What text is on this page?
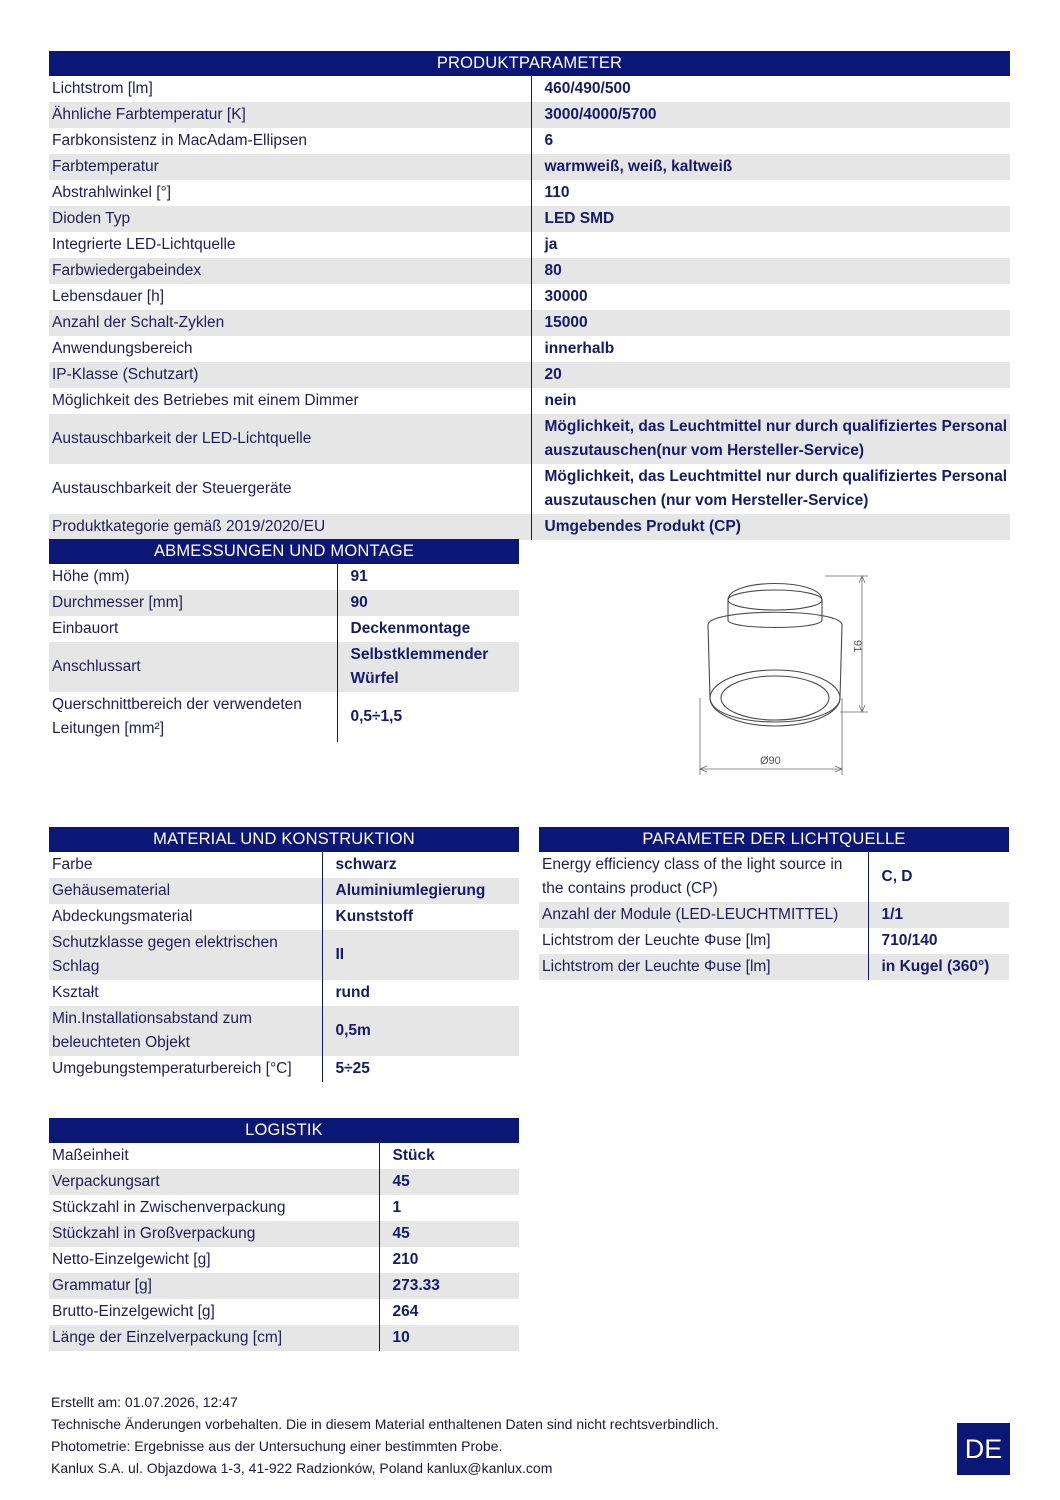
PRODUKTPARAMETER	
Lichtstrom [lm]	460/490/500
Ähnliche Farbtemperatur [K]	3000/4000/5700
Farbkonsistenz in MacAdam-Ellipsen	6
Farbtemperatur	warmweiß, weiß, kaltweiß
Abstrahlwinkel [°]	110
Dioden Typ	LED SMD
Integrierte LED-Lichtquelle	ja
Farbwiedergabeindex	80
Lebensdauer [h]	30000
Anzahl der Schalt-Zyklen	15000
Anwendungsbereich	innerhalb
IP-Klasse (Schutzart)	20
Möglichkeit des Betriebes mit einem Dimmer	nein
Austauschbarkeit der LED-Lichtquelle	Möglichkeit, das Leuchtmittel nur durch qualifiziertes Personal auszutauschen(nur vom Hersteller-Service)
Austauschbarkeit der Steuergeräte	Möglichkeit, das Leuchtmittel nur durch qualifiziertes Personal auszutauschen (nur vom Hersteller-Service)
Produktkategorie gemäß 2019/2020/EU	Umgebendes Produkt (CP)
ABMESSUNGEN UND MONTAGE	
Höhe (mm)	91
Durchmesser [mm]	90
Einbauort	Deckenmontage
Anschlussart	Selbstklemmender Würfel
Querschnittbereich der verwendeten Leitungen [mm²]	0,5÷1,5
91
Ø90
MATERIAL UND KONSTRUKTION	
Farbe	schwarz
Gehäusematerial	Aluminiumlegierung
Abdeckungsmaterial	Kunststoff
Schutzklasse gegen elektrischen Schlag	II
Kształt	rund
Min.Installationsabstand zum beleuchteten Objekt	0,5m
Umgebungstemperaturbereich [°C]	5÷25
PARAMETER DER LICHTQUELLE	
Energy efficiency class of the light source in the contains product (CP)	C, D
Anzahl der Module (LED-LEUCHTMITTEL)	1/1
Lichtstrom der Leuchte Φuse [lm]	710/140
Lichtstrom der Leuchte Φuse [lm]	in Kugel (360°)
LOGISTIK	
Maßeinheit	Stück
Verpackungsart	45
Stückzahl in Zwischenverpackung	1
Stückzahl in Großverpackung	45
Netto-Einzelgewicht [g]	210
Grammatur [g]	273.33
Brutto-Einzelgewicht [g]	264
Länge der Einzelverpackung [cm]	10
Erstellt am: 01.07.2026, 12:47
Technische Änderungen vorbehalten. Die in diesem Material enthaltenen Daten sind nicht rechtsverbindlich.
Photometrie: Ergebnisse aus der Untersuchung einer bestimmten Probe.
Kanlux S.A. ul. Objazdowa 1-3, 41-922 Radzionków, Poland kanlux@kanlux.com
DE
